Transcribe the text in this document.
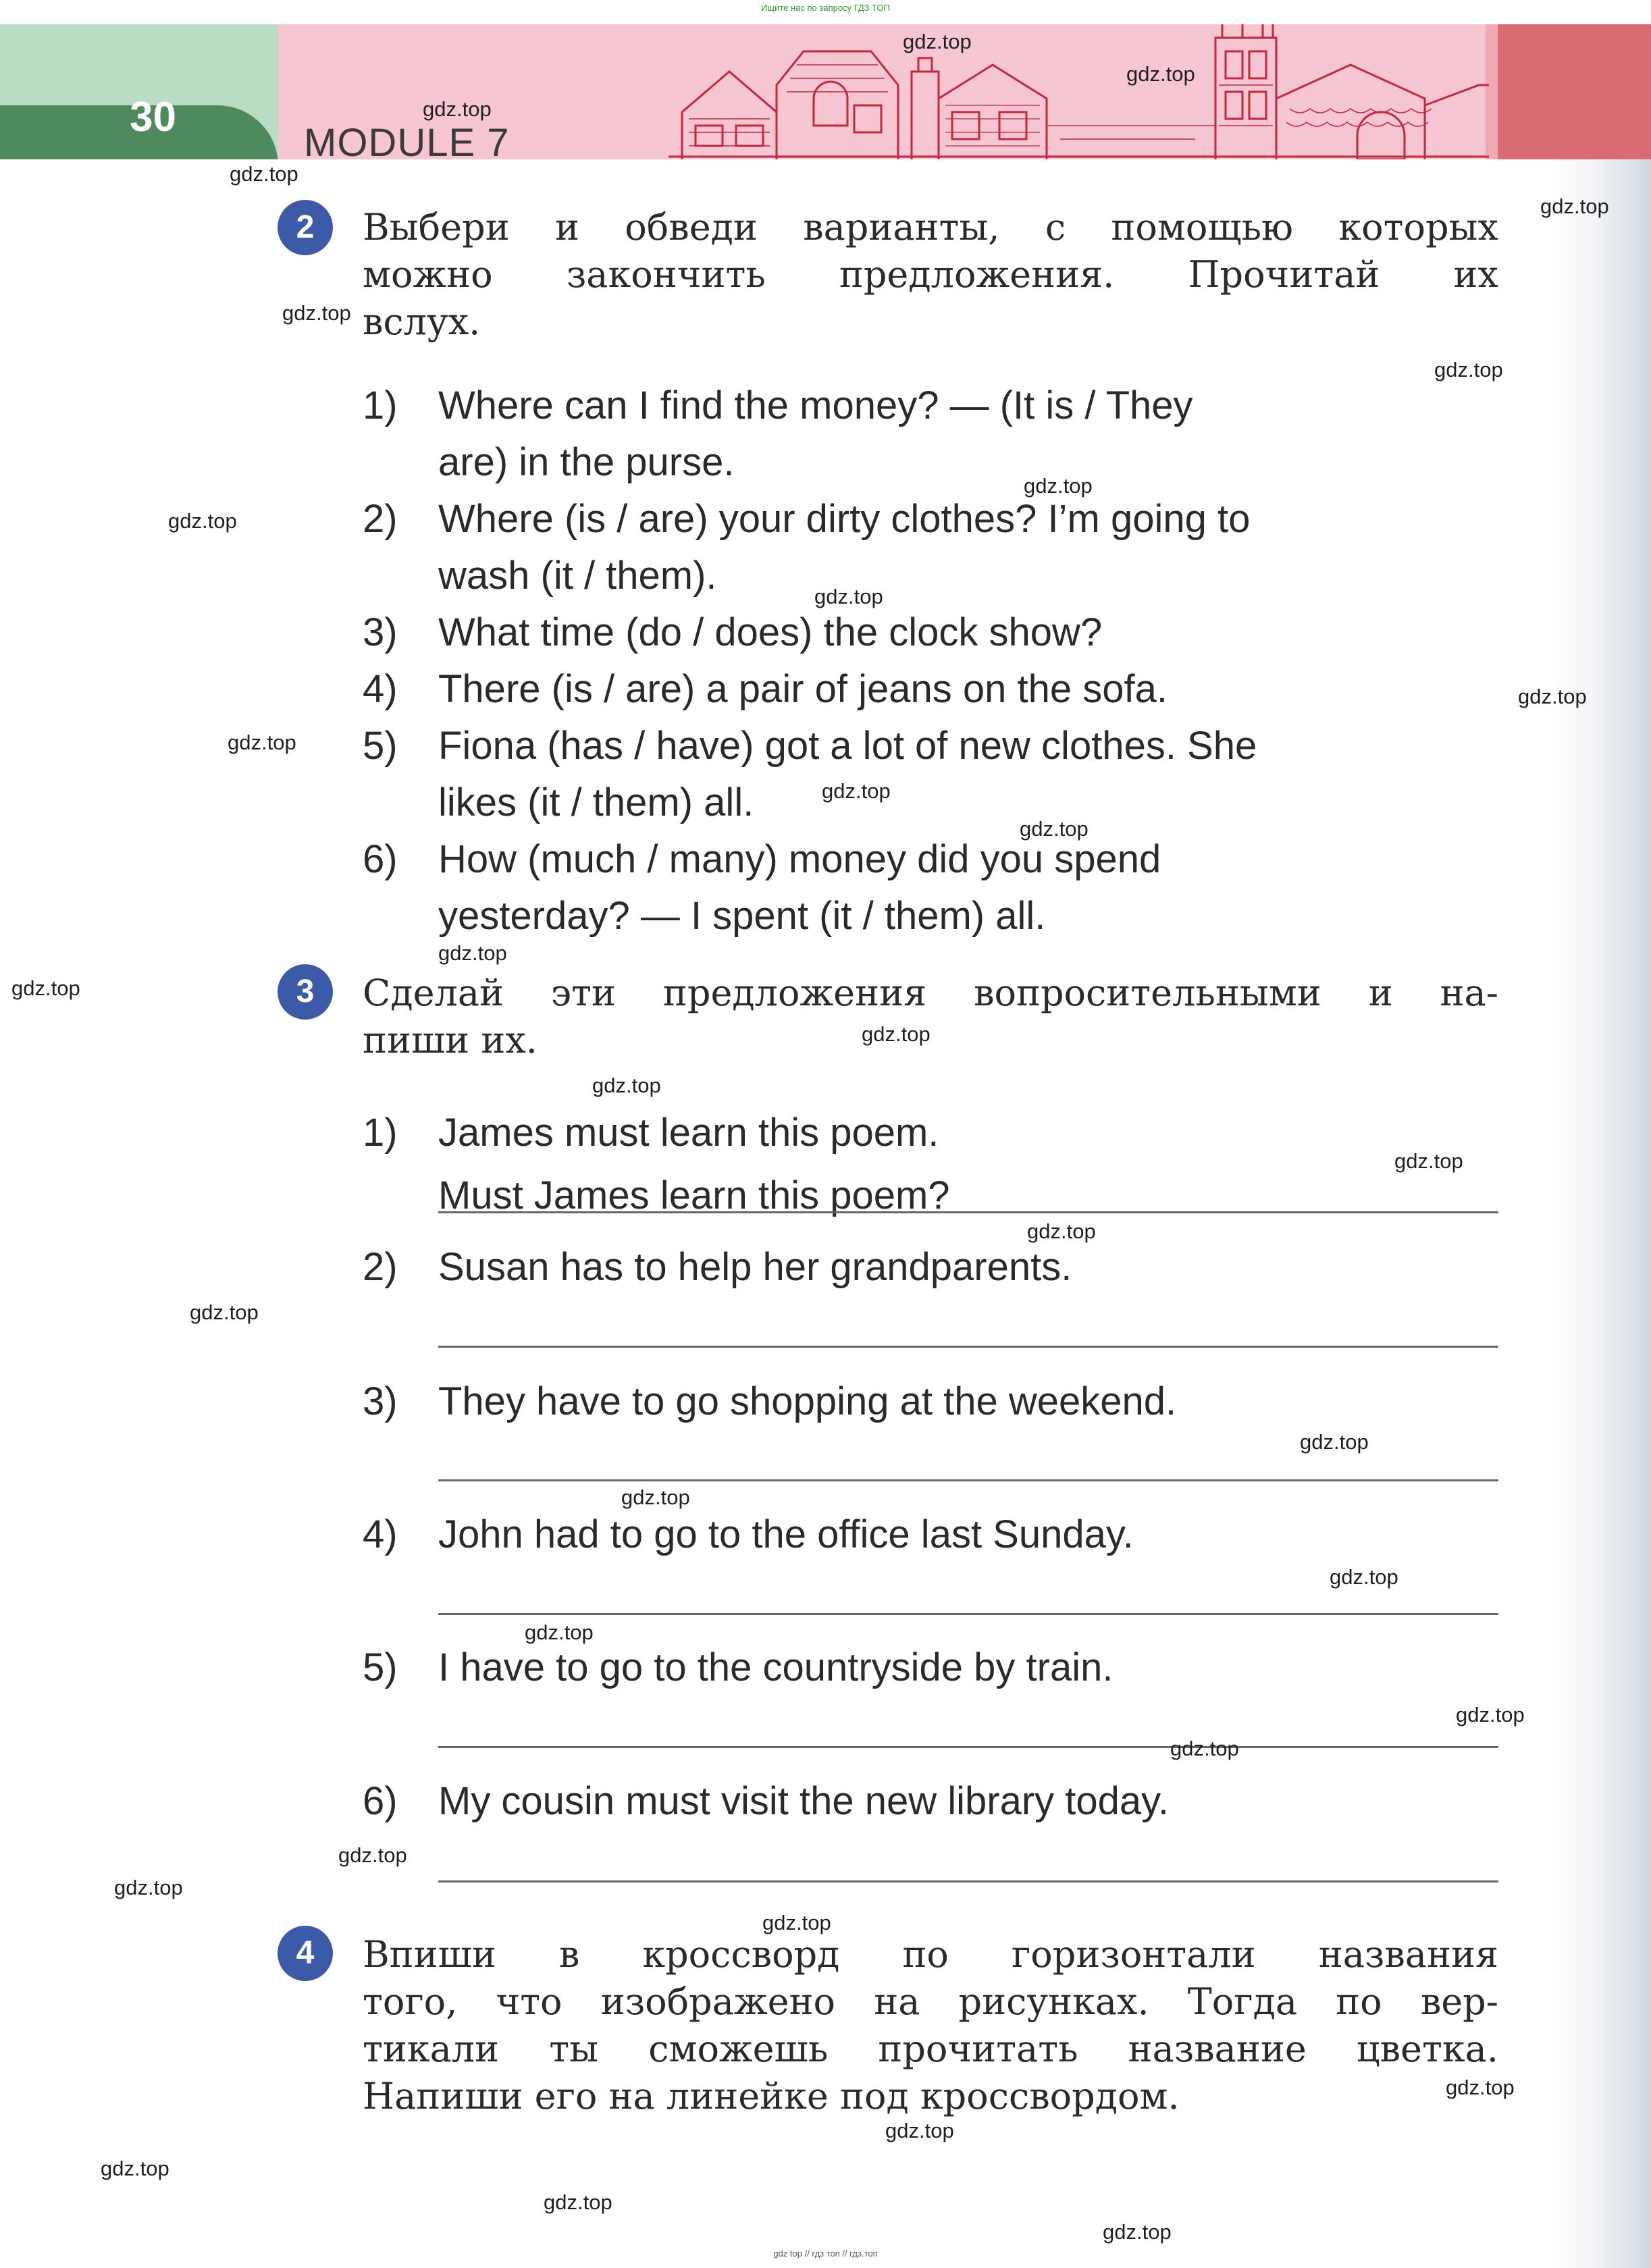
Ищите нас по запросу ГДЗ ТОП
30
MODULE 7
2	Выбери и обведи варианты, с помощью которых
можно закончить предложения. Прочитай их
вслух.
1) Where can I find the money? — (It is / They
are) in the purse.
2) Where (is / are) your dirty clothes? I’m going to
wash (it / them).
3) What time (do / does) the clock show?
4) There (is / are) a pair of jeans on the sofa.
5) Fiona (has / have) got a lot of new clothes. She
likes (it / them) all.
6) How (much / many) money did you spend
yesterday? — I spent (it / them) all.
3	Сделай эти предложения вопросительными и на-
пиши их.
1) James must learn this poem.
Must James learn this poem?
2) Susan has to help her grandparents.
3) They have to go shopping at the weekend.
4) John had to go to the office last Sunday.
5) I have to go to the countryside by train.
6) My cousin must visit the new library today.
4	Впиши в кроссворд по горизонтали названия
того, что изображено на рисунках. Тогда по вер-
тикали ты сможешь прочитать название цветка.
Напиши его на линейке под кроссвордом.
gdz.top
gdz.top
gdz.top
gdz.top
gdz.top
gdz.top
gdz.top
gdz.top
gdz.top
gdz.top
gdz.top
gdz.top
gdz.top
gdz.top
gdz.top
gdz.top
gdz.top
gdz.top
gdz.top
gdz.top
gdz.top
gdz.top
gdz.top
gdz.top
gdz.top
gdz.top
gdz.top
gdz.top
gdz.top
gdz.top
gdz.top
gdz.top
gdz.top
gdz.top
gdz.top
gdz top // гдз топ // гдз.топ
